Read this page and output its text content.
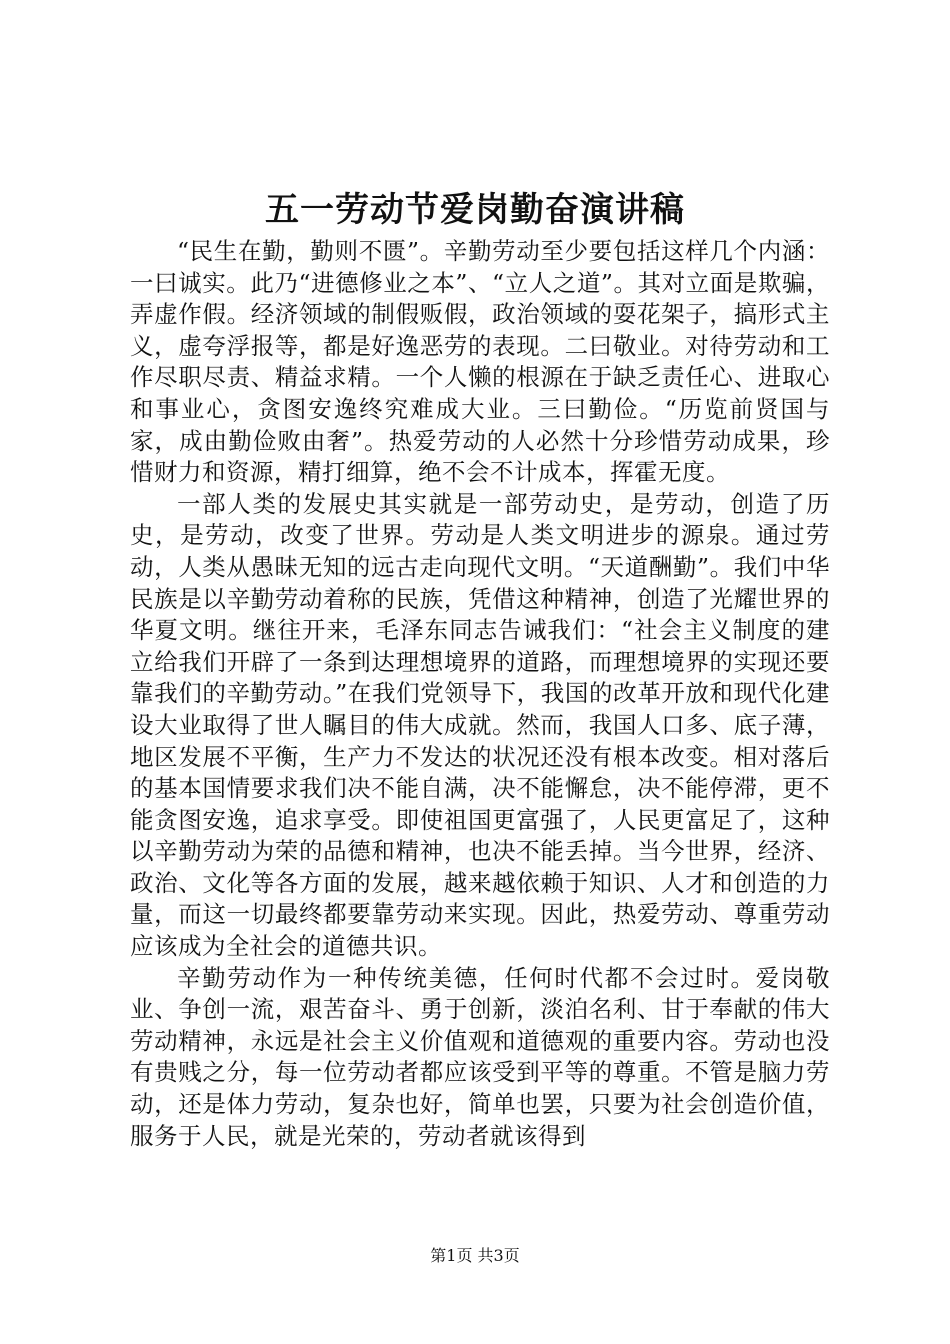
五一劳动节爱岗勤奋演讲稿

“民生在勤，勤则不匮”。辛勤劳动至少要包括这样几个内涵：一曰诚实。此乃“进德修业之本”、“立人之道”。其对立面是欺骗，弄虚作假。经济领域的制假贩假，政治领域的耍花架子，搞形式主义，虚夸浮报等，都是好逸恶劳的表现。二曰敬业。对待劳动和工作尽职尽责、精益求精。一个人懒的根源在于缺乏责任心、进取心和事业心，贪图安逸终究难成大业。三曰勤俭。“历览前贤国与家，成由勤俭败由奢”。热爱劳动的人必然十分珍惜劳动成果，珍惜财力和资源，精打细算，绝不会不计成本，挥霍无度。

一部人类的发展史其实就是一部劳动史，是劳动，创造了历史，是劳动，改变了世界。劳动是人类文明进步的源泉。通过劳动，人类从愚昧无知的远古走向现代文明。“天道酬勤”。我们中华民族是以辛勤劳动着称的民族，凭借这种精神，创造了光耀世界的华夏文明。继往开来，毛泽东同志告诫我们：“社会主义制度的建立给我们开辟了一条到达理想境界的道路，而理想境界的实现还要靠我们的辛勤劳动。”在我们党领导下，我国的改革开放和现代化建设大业取得了世人瞩目的伟大成就。然而，我国人口多、底子薄，地区发展不平衡，生产力不发达的状况还没有根本改变。相对落后的基本国情要求我们决不能自满，决不能懈怠，决不能停滞，更不能贪图安逸，追求享受。即使祖国更富强了，人民更富足了，这种以辛勤劳动为荣的品德和精神，也决不能丢掉。当今世界，经济、政治、文化等各方面的发展，越来越依赖于知识、人才和创造的力量，而这一切最终都要靠劳动来实现。因此，热爱劳动、尊重劳动应该成为全社会的道德共识。

辛勤劳动作为一种传统美德，任何时代都不会过时。爱岗敬业、争创一流，艰苦奋斗、勇于创新，淡泊名利、甘于奉献的伟大劳动精神，永远是社会主义价值观和道德观的重要内容。劳动也没有贵贱之分，每一位劳动者都应该受到平等的尊重。不管是脑力劳动，还是体力劳动，复杂也好，简单也罢，只要为社会创造价值，服务于人民，就是光荣的，劳动者就该得到

第1页 共3页
